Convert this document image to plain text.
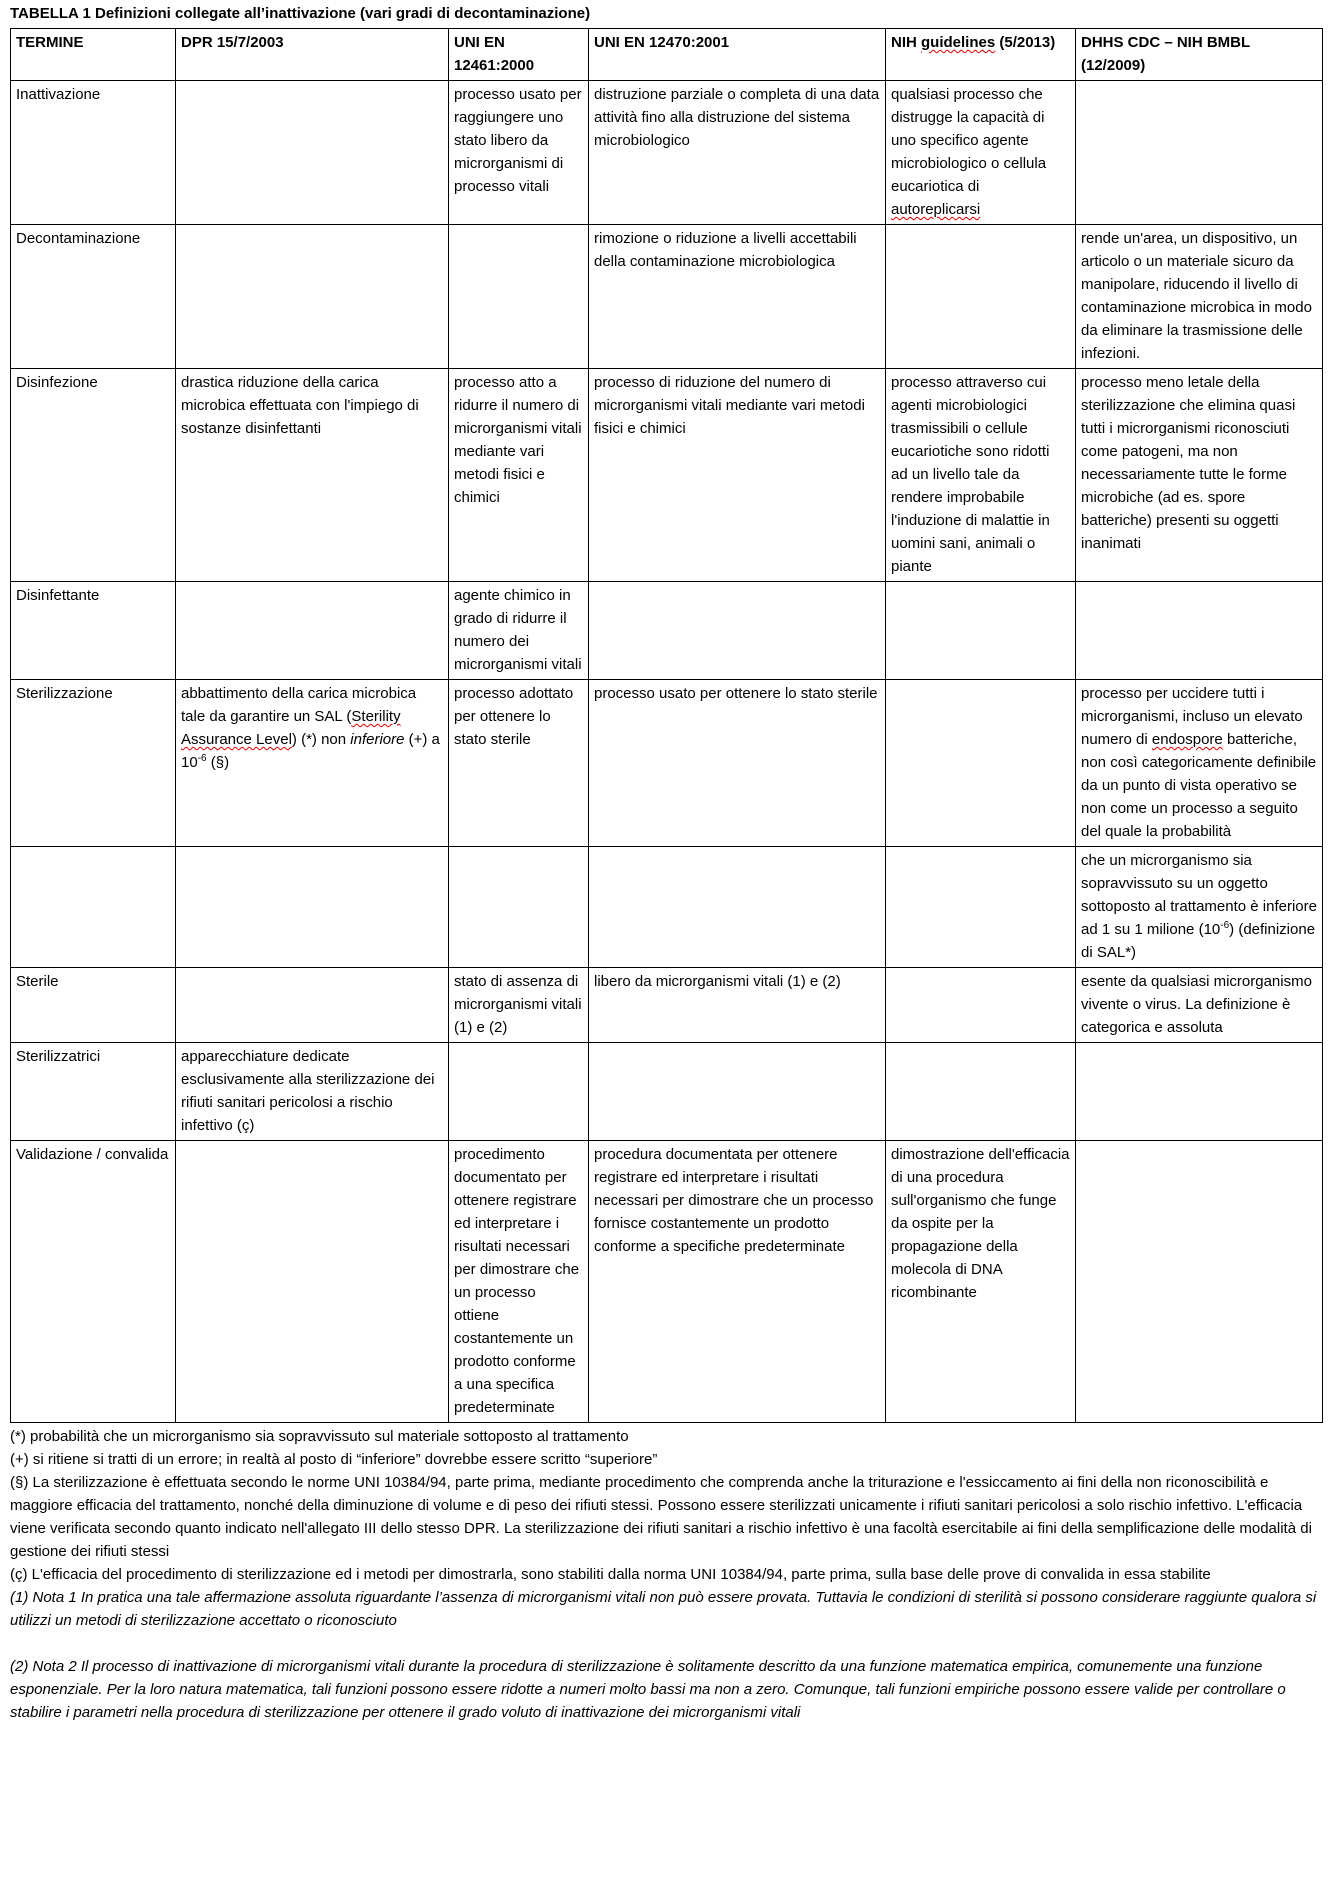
TABELLA 1 Definizioni collegate all’inattivazione (vari gradi di decontaminazione)
TERMINE	DPR 15/7/2003	UNI EN 12461:2000	UNI EN 12470:2001	NIH guidelines (5/2013)	DHHS CDC – NIH BMBL (12/2009)
Inattivazione		processo usato per raggiungere uno stato libero da microrganismi di processo vitali	distruzione parziale o completa di una data attività fino alla distruzione del sistema microbiologico	qualsiasi processo che distrugge la capacità di uno specifico agente microbiologico o cellula eucariotica di autoreplicarsi	
Decontaminazione			rimozione o riduzione a livelli accettabili della contaminazione microbiologica		rende un'area, un dispositivo, un articolo o un materiale sicuro da manipolare, riducendo il livello di contaminazione microbica in modo da eliminare la trasmissione delle infezioni.
Disinfezione	drastica riduzione della carica microbica effettuata con l'impiego di sostanze disinfettanti	processo atto a ridurre il numero di microrganismi vitali mediante vari metodi fisici e chimici	processo di riduzione del numero di microrganismi vitali mediante vari metodi fisici e chimici	processo attraverso cui agenti microbiologici trasmissibili o cellule eucariotiche sono ridotti ad un livello tale da rendere improbabile l'induzione di malattie in uomini sani, animali o piante	processo meno letale della sterilizzazione che elimina quasi tutti i microrganismi riconosciuti come patogeni, ma non necessariamente tutte le forme microbiche (ad es. spore batteriche) presenti su oggetti inanimati
Disinfettante		agente chimico in grado di ridurre il numero dei microrganismi vitali			
Sterilizzazione	abbattimento della carica microbica tale da garantire un SAL (Sterility Assurance Level) (*) non inferiore (+) a $10^{-6}$ (§)	processo adottato per ottenere lo stato sterile	processo usato per ottenere lo stato sterile		processo per uccidere tutti i microrganismi, incluso un elevato numero di endospore batteriche, non così categoricamente definibile da un punto di vista operativo se non come un processo a seguito del quale la probabilità
					che un microrganismo sia sopravvissuto su un oggetto sottoposto al trattamento è inferiore ad 1 su 1 milione $(10^{-6})$ (definizione di SAL*)
Sterile		stato di assenza di microrganismi vitali (1) e (2)	libero da microrganismi vitali (1) e (2)		esente da qualsiasi microrganismo vivente o virus. La definizione è categorica e assoluta
Sterilizzatrici	apparecchiature dedicate esclusivamente alla sterilizzazione dei rifiuti sanitari pericolosi a rischio infettivo (ç)				
Validazione / convalida		procedimento documentato per ottenere registrare ed interpretare i risultati necessari per dimostrare che un processo ottiene costantemente un prodotto conforme a una specifica predeterminate	procedura documentata per ottenere registrare ed interpretare i risultati necessari per dimostrare che un processo fornisce costantemente un prodotto conforme a specifiche predeterminate	dimostrazione dell'efficacia di una procedura sull'organismo che funge da ospite per la propagazione della molecola di DNA ricombinante	
(*) probabilità che un microrganismo sia sopravvissuto sul materiale sottoposto al trattamento
(+) si ritiene si tratti di un errore; in realtà al posto di “inferiore” dovrebbe essere scritto “superiore”
(§) La sterilizzazione è effettuata secondo le norme UNI 10384/94, parte prima, mediante procedimento che comprenda anche la triturazione e l'essiccamento ai fini della non riconoscibilità e maggiore efficacia del trattamento, nonché della diminuzione di volume e di peso dei rifiuti stessi. Possono essere sterilizzati unicamente i rifiuti sanitari pericolosi a solo rischio infettivo. L'efficacia viene verificata secondo quanto indicato nell'allegato III dello stesso DPR. La sterilizzazione dei rifiuti sanitari a rischio infettivo è una facoltà esercitabile ai fini della semplificazione delle modalità di gestione dei rifiuti stessi
(ç) L'efficacia del procedimento di sterilizzazione ed i metodi per dimostrarla, sono stabiliti dalla norma UNI 10384/94, parte prima, sulla base delle prove di convalida in essa stabilite
(1) Nota 1 In pratica una tale affermazione assoluta riguardante l’assenza di microrganismi vitali non può essere provata. Tuttavia le condizioni di sterilità si possono considerare raggiunte qualora si utilizzi un metodi di sterilizzazione accettato o riconosciuto
(2) Nota 2 Il processo di inattivazione di microrganismi vitali durante la procedura di sterilizzazione è solitamente descritto da una funzione matematica empirica, comunemente una funzione esponenziale. Per la loro natura matematica, tali funzioni possono essere ridotte a numeri molto bassi ma non a zero. Comunque, tali funzioni empiriche possono essere valide per controllare o stabilire i parametri nella procedura di sterilizzazione per ottenere il grado voluto di inattivazione dei microrganismi vitali
